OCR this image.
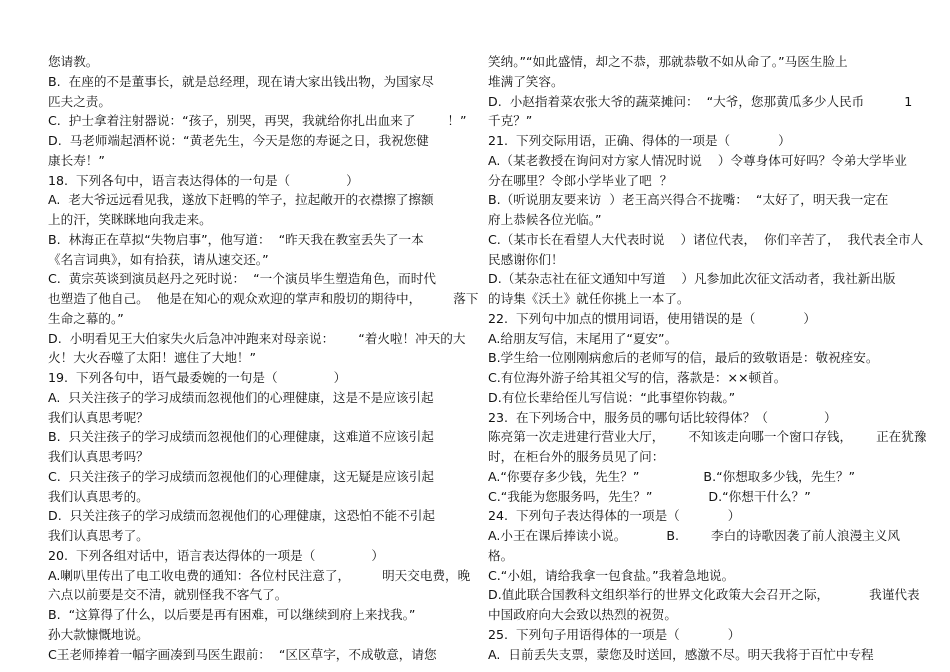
您请教。
B.  在座的不是董事长，就是总经理，现在请大家出钱出物，为国家尽
匹夫之责。
C.  护士拿着注射器说：“孩子，别哭，再哭，我就给你扎出血来了        ！”
D.  马老师端起酒杯说：“黄老先生，今天是您的寿诞之日，我祝您健
康长寿！”
18.  下列各句中，语言表达得体的一句是（              ）
A.  老大爷远远看见我，遂放下赶鸭的竿子，拉起敞开的衣襟擦了擦额
上的汗，笑眯眯地向我走来。
B.  林海正在草拟“失物启事”，他写道：  “昨天我在教室丢失了一本
《名言词典》，如有拾获，请从速交还。”
C.  黄宗英谈到演员赵丹之死时说：  “一个演员毕生塑造角色，而时代
也塑造了他自己。  他是在知心的观众欢迎的掌声和殷切的期待中，        落下
生命之幕的。”
D.  小明看见王大伯家失火后急冲冲跑来对母亲说：      “着火啦！冲天的大
火！大火吞噬了太阳！遮住了大地！”
19.  下列各句中，语气最委婉的一句是（              ）
A.  只关注孩子的学习成绩而忽视他们的心理健康，这是不是应该引起
我们认真思考呢？
B.  只关注孩子的学习成绩而忽视他们的心理健康，这难道不应该引起
我们认真思考吗？
C.  只关注孩子的学习成绩而忽视他们的心理健康，这无疑是应该引起
我们认真思考的。
D.  只关注孩子的学习成绩而忽视他们的心理健康，这恐怕不能不引起
我们认真思考了。
20.  下列各组对话中，语言表达得体的一项是（              ）
A.喇叭里传出了电工收电费的通知：各位村民注意了，        明天交电费，晚
六点以前要是交不清，就别怪我不客气了。
B.  “这算得了什么，以后要是再有困难，可以继续到府上来找我。”
孙大款慷慨地说。
C王老师捧着一幅字画凑到马医生跟前：  “区区草字，不成敬意，请您
笑纳。”“如此盛情，却之不恭，那就恭敬不如从命了。”马医生脸上
堆满了笑容。
D.  小赵指着菜农张大爷的蔬菜摊问：  “大爷，您那黄瓜多少人民币          1
千克？”
21.  下列交际用语，正确、得体的一项是（            ）
A.（某老教授在询问对方家人情况时说    ）令尊身体可好吗？令弟大学毕业
分在哪里？令郎小学毕业了吧  ？
B.（听说朋友要来访  ）老王高兴得合不拢嘴：  “太好了，明天我一定在
府上恭候各位光临。”
C.（某市长在看望人大代表时说    ）诸位代表，  你们辛苦了，  我代表全市人
民感谢你们！
D.（某杂志社在征文通知中写道    ）凡参加此次征文活动者，我社新出版
的诗集《沃土》就任你挑上一本了。
22.  下列句中加点的惯用词语，使用错误的是（            ）
A.给朋友写信，末尾用了“夏安”。
B.学生给一位刚刚病愈后的老师写的信，最后的致敬语是：敬祝痊安。
C.有位海外游子给其祖父写的信，落款是：××顿首。
D.有位长辈给侄儿写信说：“此事望你钧裁。”
23.  在下列场合中，服务员的哪句话比较得体？（              ）
陈亮第一次走进建行营业大厅，      不知该走向哪一个窗口存钱，      正在犹豫
时，在柜台外的服务员见了问：
A.“你要存多少钱，先生？”                B.“你想取多少钱，先生？”
C.“我能为您服务吗，先生？”              D.“你想干什么？”
24.  下列句子表达得体的一项是（            ）
A.小王在课后捧读小说。          B.        李白的诗歌因袭了前人浪漫主义风
格。
C.“小姐，请给我拿一包食盐。”我着急地说。
D.值此联合国教科文组织举行的世界文化政策大会召开之际，          我谨代表
中国政府向大会致以热烈的祝贺。
25.  下列句子用语得体的一项是（            ）
A.  日前丢失支票，蒙您及时送回，感激不尽。明天我将于百忙中专程
